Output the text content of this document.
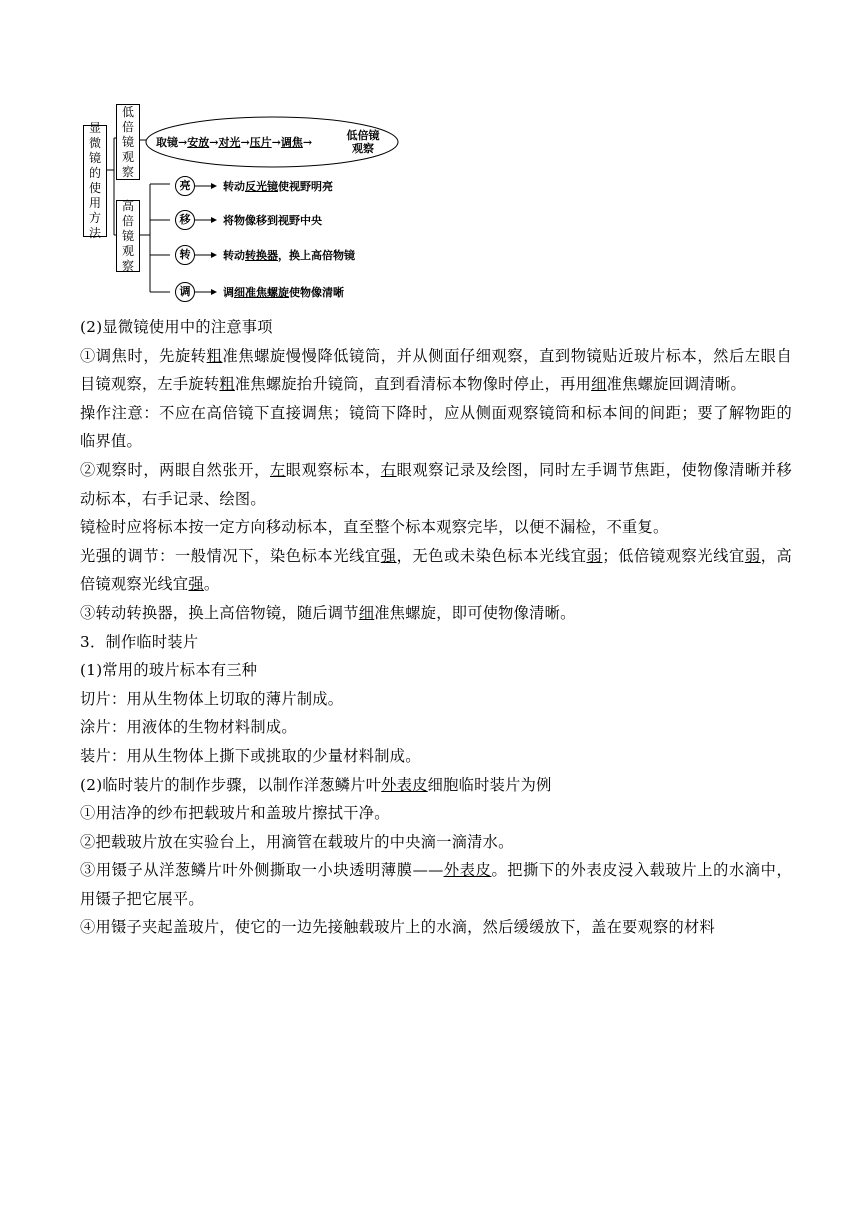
显微镜的使用方法
低倍镜观察
高倍镜观察
取镜→安放→对光→压片→调焦→
低倍镜观察
亮
移
转
调
转动反光镜使视野明亮
将物像移到视野中央
转动转换器，换上高倍物镜
调细准焦螺旋使物像清晰

(2)显微镜使用中的注意事项

①调焦时，先旋转粗准焦螺旋慢慢降低镜筒，并从侧面仔细观察，直到物镜贴近玻片标本，然后左眼自目镜观察，左手旋转粗准焦螺旋抬升镜筒，直到看清标本物像时停止，再用细准焦螺旋回调清晰。

操作注意：不应在高倍镜下直接调焦；镜筒下降时，应从侧面观察镜筒和标本间的间距；要了解物距的临界值。

②观察时，两眼自然张开，左眼观察标本，右眼观察记录及绘图，同时左手调节焦距，使物像清晰并移动标本，右手记录、绘图。

镜检时应将标本按一定方向移动标本，直至整个标本观察完毕，以便不漏检，不重复。

光强的调节：一般情况下，染色标本光线宜强，无色或未染色标本光线宜弱；低倍镜观察光线宜弱，高倍镜观察光线宜强。

③转动转换器，换上高倍物镜，随后调节细准焦螺旋，即可使物像清晰。

3．制作临时装片

(1)常用的玻片标本有三种

切片：用从生物体上切取的薄片制成。

涂片：用液体的生物材料制成。

装片：用从生物体上撕下或挑取的少量材料制成。

(2)临时装片的制作步骤，以制作洋葱鳞片叶外表皮细胞临时装片为例

①用洁净的纱布把载玻片和盖玻片擦拭干净。

②把载玻片放在实验台上，用滴管在载玻片的中央滴一滴清水。

③用镊子从洋葱鳞片叶外侧撕取一小块透明薄膜——外表皮。把撕下的外表皮浸入载玻片上的水滴中，用镊子把它展平。

④用镊子夹起盖玻片，使它的一边先接触载玻片上的水滴，然后缓缓放下，盖在要观察的材料
